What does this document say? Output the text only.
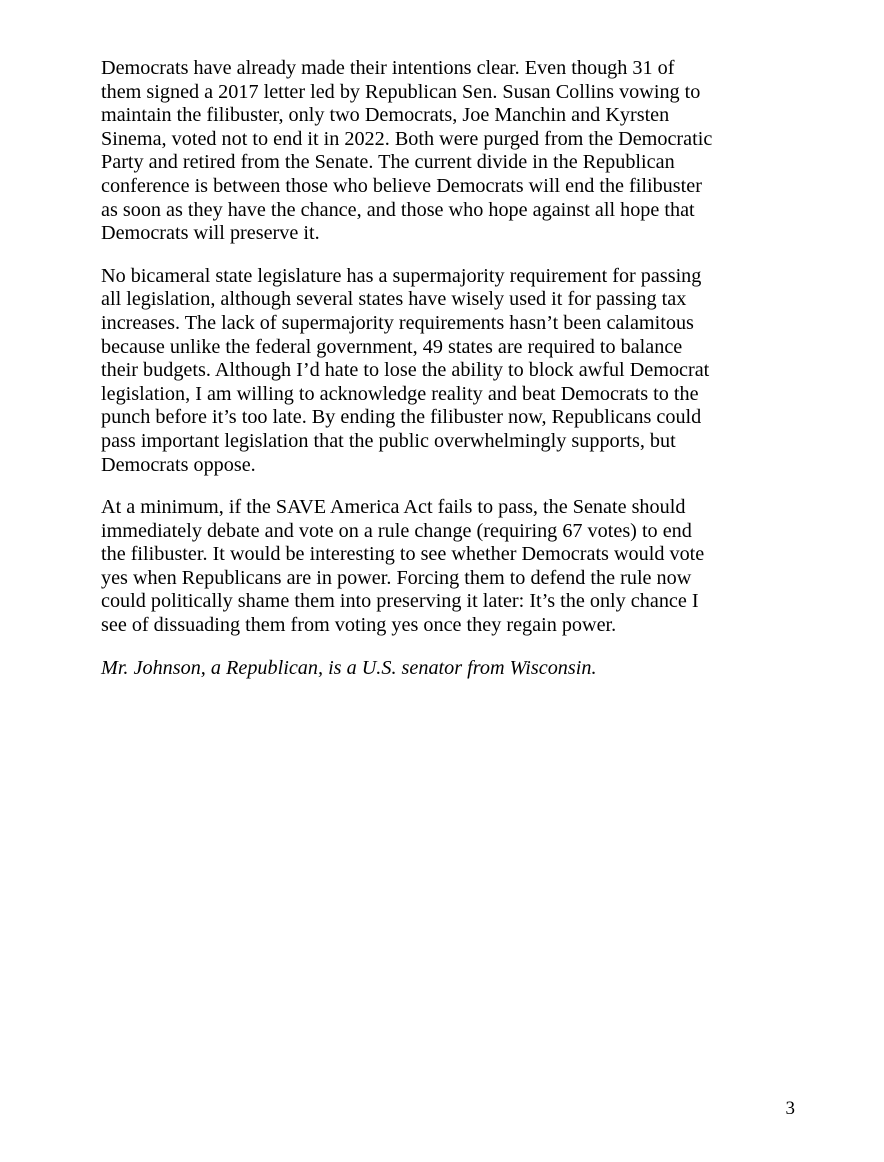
Democrats have already made their intentions clear. Even though 31 of
them signed a 2017 letter led by Republican Sen. Susan Collins vowing to
maintain the filibuster, only two Democrats, Joe Manchin and Kyrsten
Sinema, voted not to end it in 2022. Both were purged from the Democratic
Party and retired from the Senate. The current divide in the Republican
conference is between those who believe Democrats will end the filibuster
as soon as they have the chance, and those who hope against all hope that
Democrats will preserve it.

No bicameral state legislature has a supermajority requirement for passing
all legislation, although several states have wisely used it for passing tax
increases. The lack of supermajority requirements hasn’t been calamitous
because unlike the federal government, 49 states are required to balance
their budgets. Although I’d hate to lose the ability to block awful Democrat
legislation, I am willing to acknowledge reality and beat Democrats to the
punch before it’s too late. By ending the filibuster now, Republicans could
pass important legislation that the public overwhelmingly supports, but
Democrats oppose.

At a minimum, if the SAVE America Act fails to pass, the Senate should
immediately debate and vote on a rule change (requiring 67 votes) to end
the filibuster. It would be interesting to see whether Democrats would vote
yes when Republicans are in power. Forcing them to defend the rule now
could politically shame them into preserving it later: It’s the only chance I
see of dissuading them from voting yes once they regain power.

Mr. Johnson, a Republican, is a U.S. senator from Wisconsin.

3
